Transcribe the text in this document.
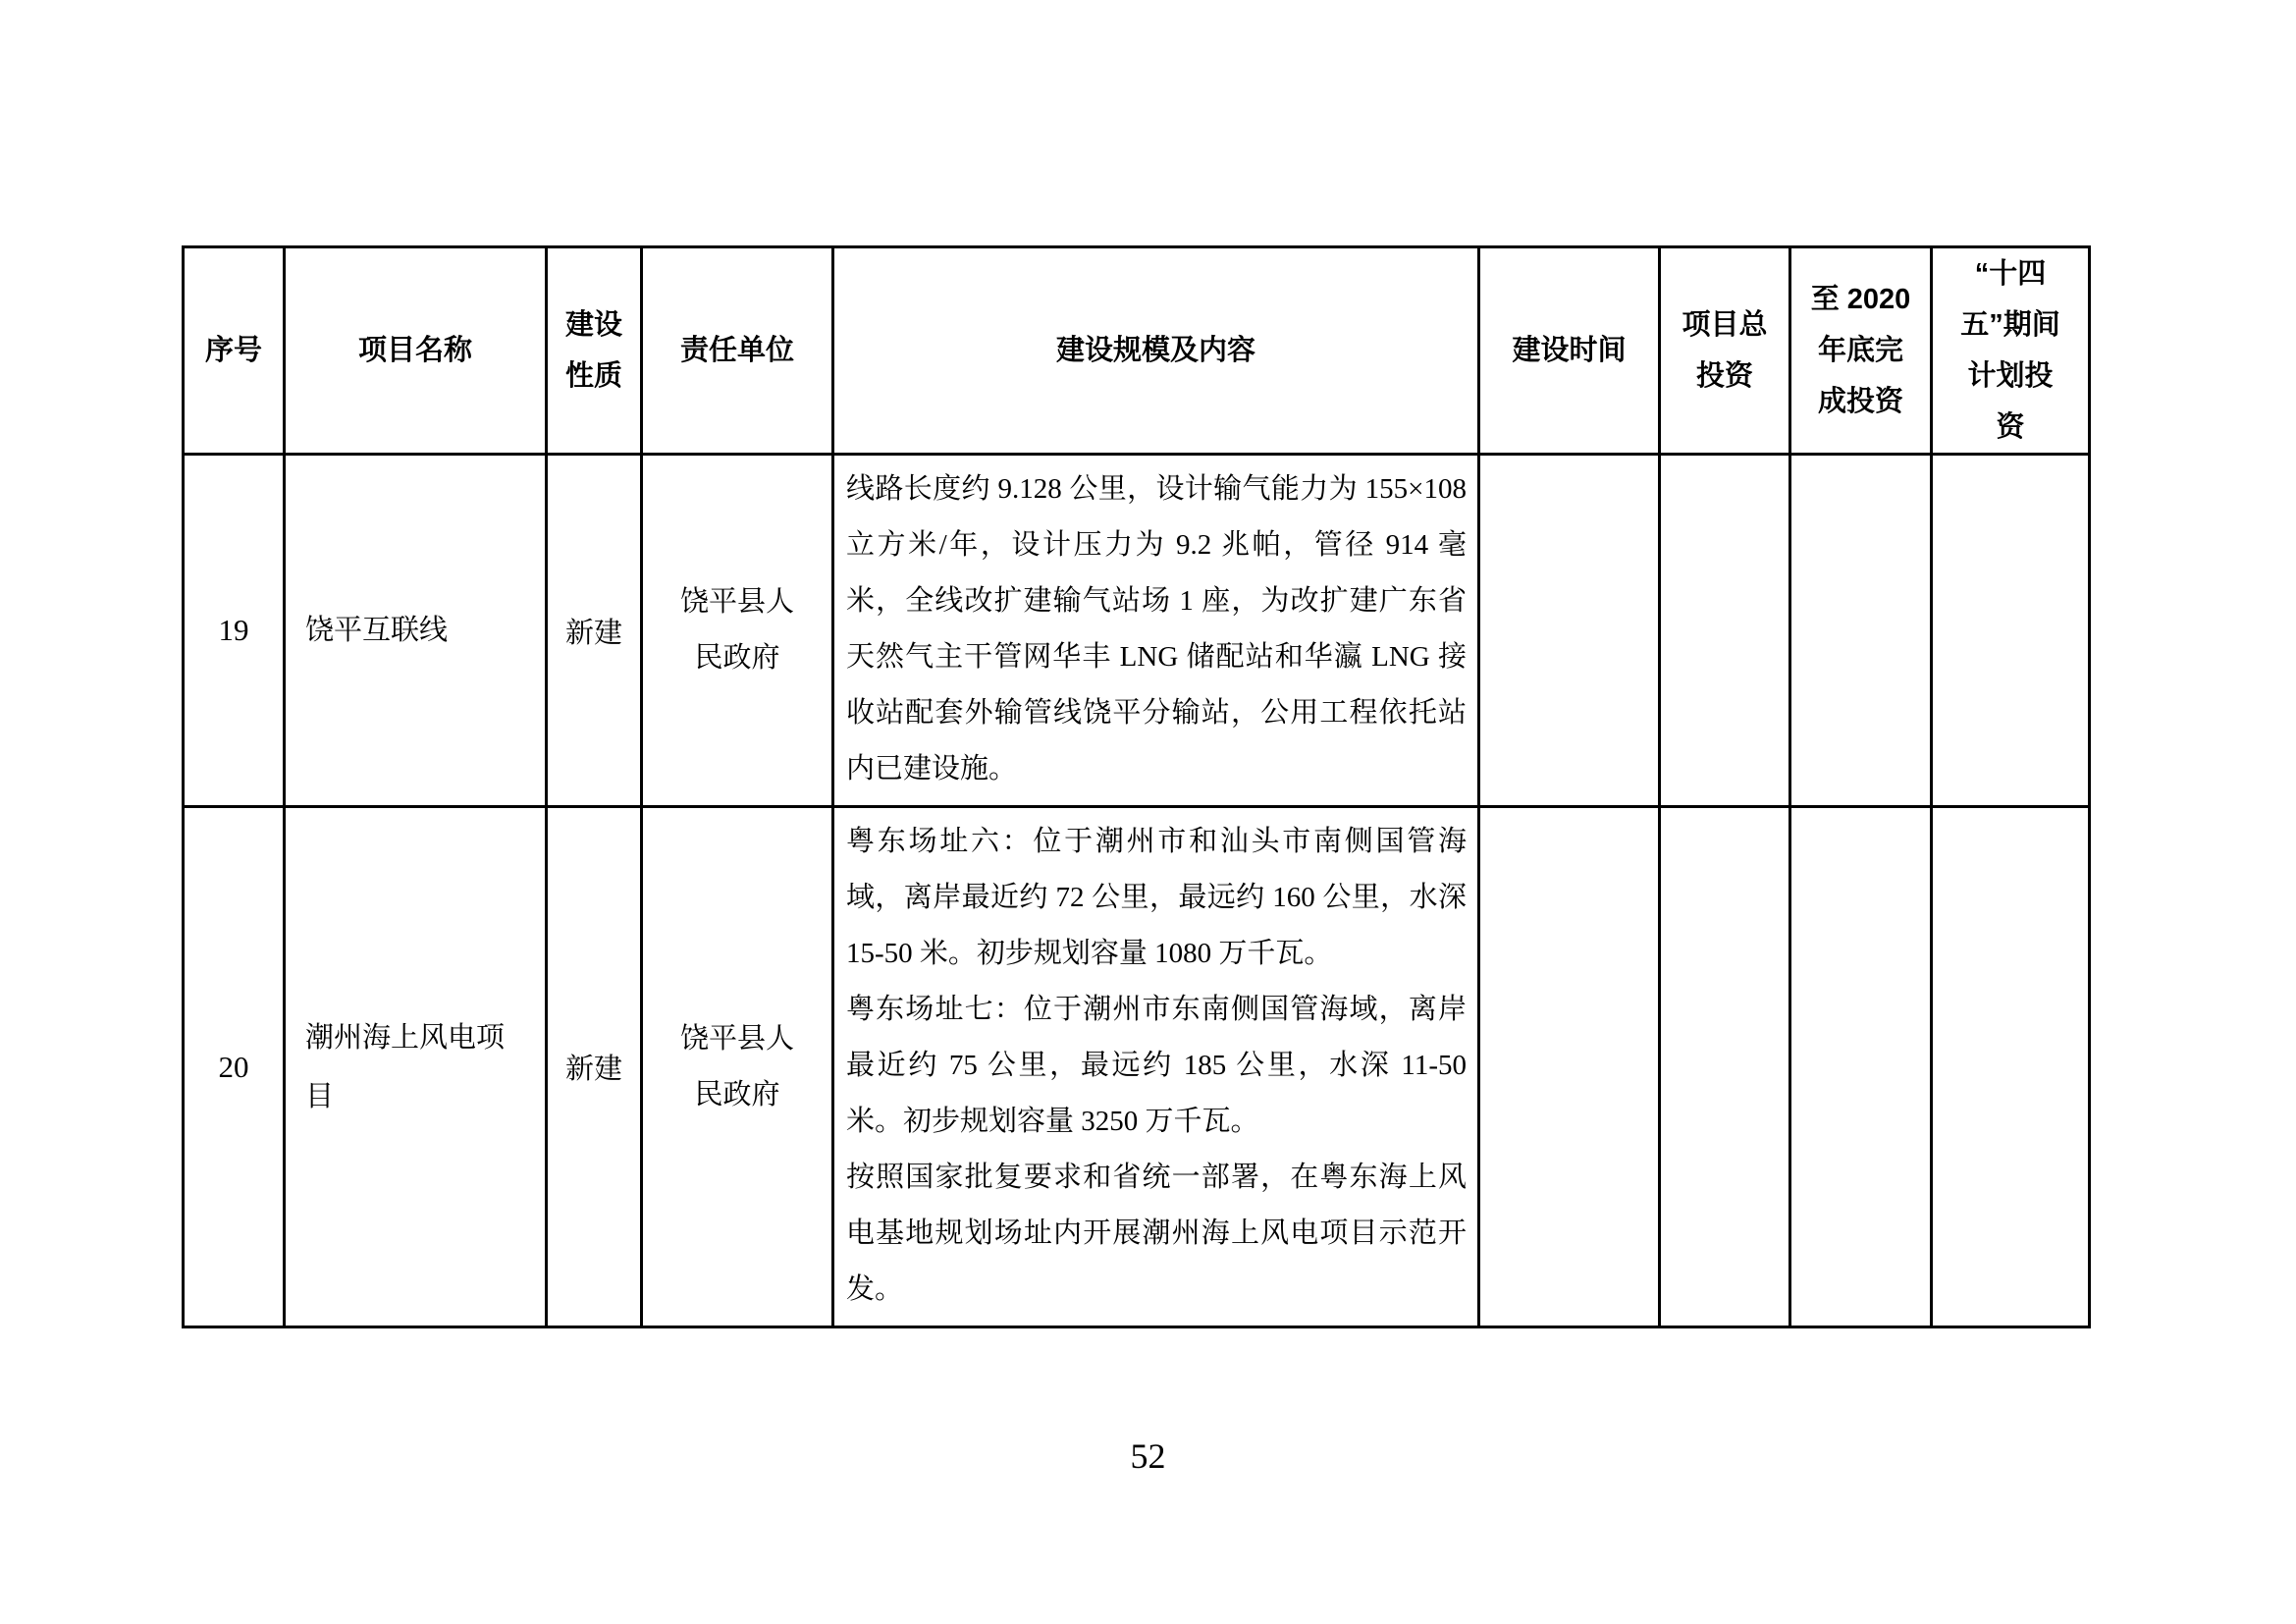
序号	项目名称	建设性质	责任单位	建设规模及内容	建设时间	项目总投资	至 2020 年底完成投资	“十四五”期间计划投资
19	饶平互联线	新建	饶平县人民政府	线路长度约 9.128 公里，设计输气能力为 155×108 立方米/年，设计压力为 9.2 兆帕，管径 914 毫米，全线改扩建输气站场 1 座，为改扩建广东省天然气主干管网华丰 LNG 储配站和华瀛 LNG 接收站配套外输管线饶平分输站，公用工程依托站内已建设施。				

20	潮州海上风电项目	新建	饶平县人民政府	粤东场址六：位于潮州市和汕头市南侧国管海域，离岸最近约 72 公里，最远约 160 公里，水深 15-50 米。初步规划容量 1080 万千瓦。

粤东场址七：位于潮州市东南侧国管海域，离岸最近约 75 公里，最远约 185 公里，水深 11-50 米。初步规划容量 3250 万千瓦。

按照国家批复要求和省统一部署，在粤东海上风电基地规划场址内开展潮州海上风电项目示范开发。				

52
